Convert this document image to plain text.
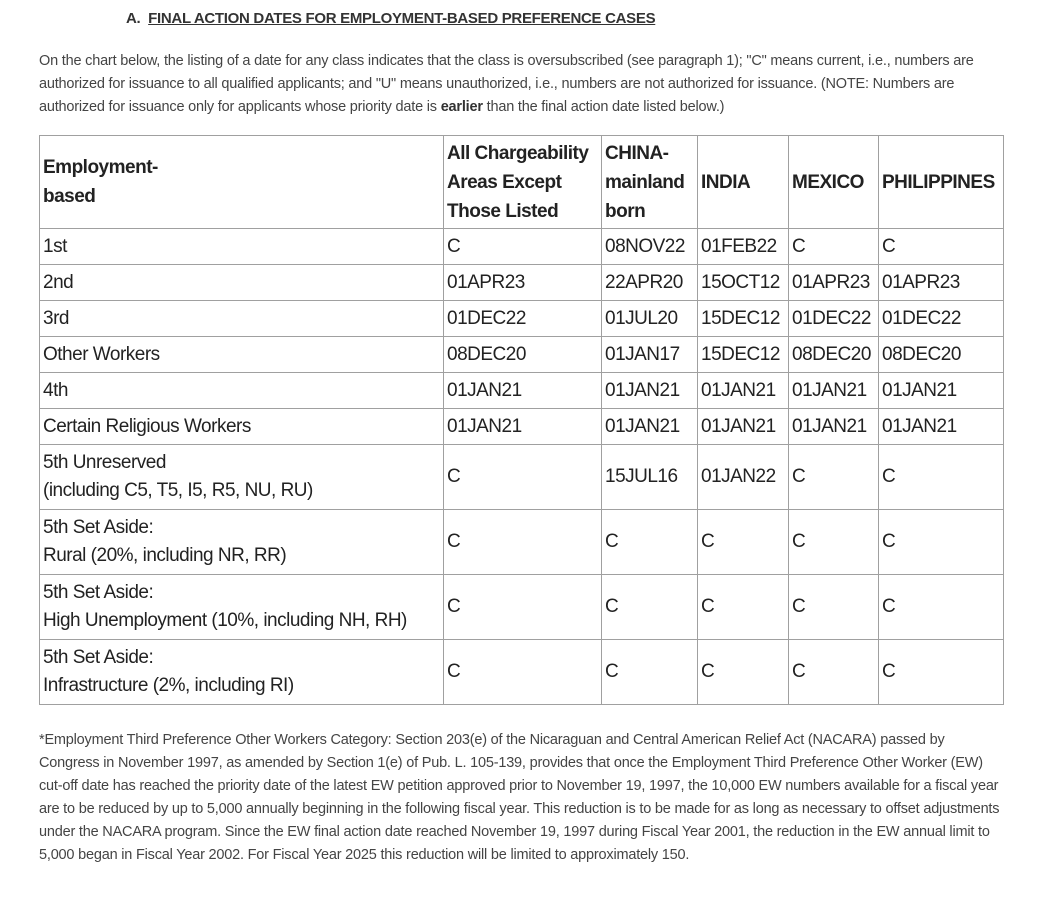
A. FINAL ACTION DATES FOR EMPLOYMENT-BASED PREFERENCE CASES
On the chart below, the listing of a date for any class indicates that the class is oversubscribed (see paragraph 1); "C" means current, i.e., numbers are authorized for issuance to all qualified applicants; and "U" means unauthorized, i.e., numbers are not authorized for issuance. (NOTE: Numbers are authorized for issuance only for applicants whose priority date is earlier than the final action date listed below.)
Employment-
based	All Chargeability
Areas Except
Those Listed	CHINA-
mainland
born	INDIA	MEXICO	PHILIPPINES
1st	C	08NOV22	01FEB22	C	C
2nd	01APR23	22APR20	15OCT12	01APR23	01APR23
3rd	01DEC22	01JUL20	15DEC12	01DEC22	01DEC22
Other Workers	08DEC20	01JAN17	15DEC12	08DEC20	08DEC20
4th	01JAN21	01JAN21	01JAN21	01JAN21	01JAN21
Certain Religious Workers	01JAN21	01JAN21	01JAN21	01JAN21	01JAN21
5th Unreserved
(including C5, T5, I5, R5, NU, RU)	C	15JUL16	01JAN22	C	C
5th Set Aside:
Rural (20%, including NR, RR)	C	C	C	C	C
5th Set Aside:
High Unemployment (10%, including NH, RH)	C	C	C	C	C
5th Set Aside:
Infrastructure (2%, including RI)	C	C	C	C	C
*Employment Third Preference Other Workers Category: Section 203(e) of the Nicaraguan and Central American Relief Act (NACARA) passed by Congress in November 1997, as amended by Section 1(e) of Pub. L. 105-139, provides that once the Employment Third Preference Other Worker (EW) cut-off date has reached the priority date of the latest EW petition approved prior to November 19, 1997, the 10,000 EW numbers available for a fiscal year are to be reduced by up to 5,000 annually beginning in the following fiscal year. This reduction is to be made for as long as necessary to offset adjustments under the NACARA program. Since the EW final action date reached November 19, 1997 during Fiscal Year 2001, the reduction in the EW annual limit to 5,000 began in Fiscal Year 2002. For Fiscal Year 2025 this reduction will be limited to approximately 150.
